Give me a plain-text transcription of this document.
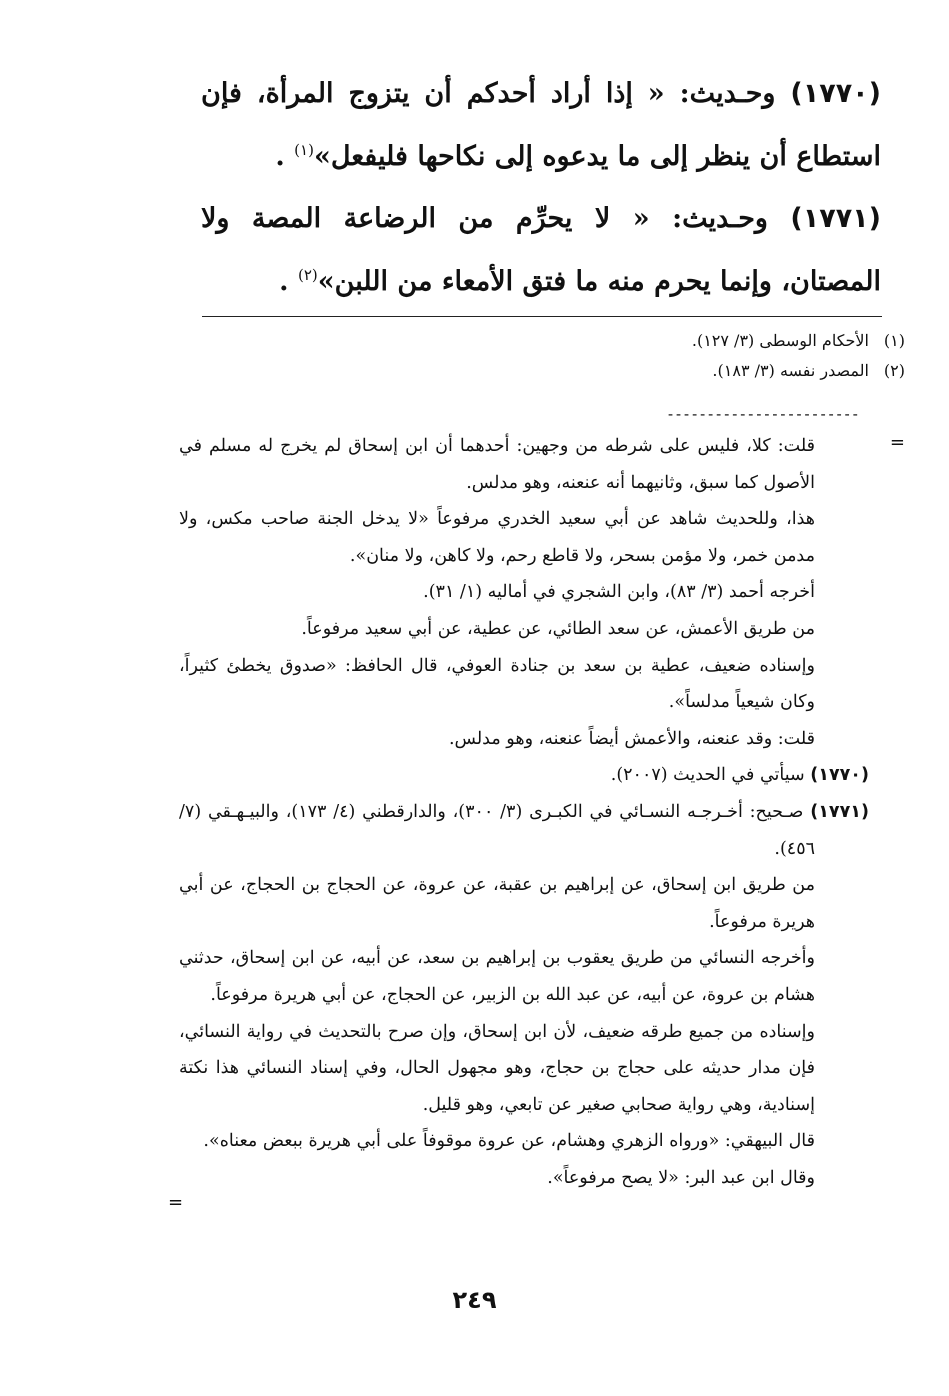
(١٧٧٠) وحـديث: « إذا أراد أحدكم أن يتزوج المرأة، فإن استطاع أن ينظر إلى ما يدعوه إلى نكاحها فليفعل»$^{(١)}$ .

(١٧٧١) وحـديث: « لا يحرِّم من الرضاعة المصة ولا المصتان، وإنما يحرم منه ما فتق الأمعاء من اللبن»$^{(٢)}$ .

(١)الأحكام الوسطى (٣/ ١٢٧).
(٢)المصدر نفسه (٣/ ١٨٣).
------------------------
=
قلت: كلا، فليس على شرطه من وجهين: أحدهما أن ابن إسحاق لم يخرج له مسلم في الأصول كما سبق، وثانيهما أنه عنعنه، وهو مدلس.
هذا، وللحديث شاهد عن أبي سعيد الخدري مرفوعاً «لا يدخل الجنة صاحب مكس، ولا مدمن خمر، ولا مؤمن بسحر، ولا قاطع رحم، ولا كاهن، ولا منان».
أخرجه أحمد (٣/ ٨٣)، وابن الشجري في أماليه (١/ ٣١).
من طريق الأعمش، عن سعد الطائي، عن عطية، عن أبي سعيد مرفوعاً.
وإسناده ضعيف، عطية بن سعد بن جنادة العوفي، قال الحافظ: «صدوق يخطئ كثيراً، وكان شيعياً مدلساً».
قلت: وقد عنعنه، والأعمش أيضاً عنعنه، وهو مدلس.
(١٧٧٠) سيأتي في الحديث (٢٠٠٧).
(١٧٧١) صـحيح: أخـرجـه النسـائي في الكبـرى (٣/ ٣٠٠)، والدارقطني (٤/ ١٧٣)، والبيـهـقي (٧/ ٤٥٦).
من طريق ابن إسحاق، عن إبراهيم بن عقبة، عن عروة، عن الحجاج بن الحجاج، عن أبي هريرة مرفوعاً.
وأخرجه النسائي من طريق يعقوب بن إبراهيم بن سعد، عن أبيه، عن ابن إسحاق، حدثني هشام بن عروة، عن أبيه، عن عبد الله بن الزبير، عن الحجاج، عن أبي هريرة مرفوعاً.
وإسناده من جميع طرقه ضعيف، لأن ابن إسحاق، وإن صرح بالتحديث في رواية النسائي، فإن مدار حديثه على حجاج بن حجاج، وهو مجهول الحال، وفي إسناد النسائي هذا نكتة إسنادية، وهي رواية صحابي صغير عن تابعي، وهو قليل.
قال البيهقي: «ورواه الزهري وهشام، عن عروة موقوفاً على أبي هريرة ببعض معناه».
وقال ابن عبد البر: «لا يصح مرفوعاً».
=
٢٤٩
